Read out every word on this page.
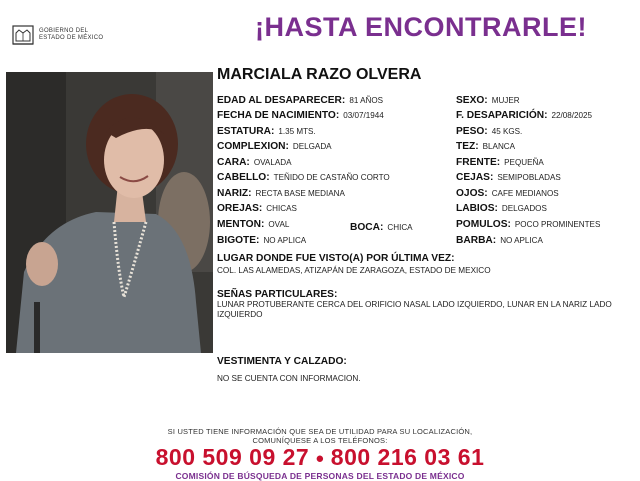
GOBIERNO DEL
ESTADO DE MÉXICO	¡HASTA ENCONTRARLE!
MARCIALA RAZO OLVERA
EDAD AL DESAPARECER: 81 AÑOS
FECHA DE NACIMIENTO: 03/07/1944
ESTATURA: 1.35 MTS.
COMPLEXION: DELGADA
CARA: OVALADA
CABELLO: TEÑIDO DE CASTAÑO CORTO
NARIZ: RECTA BASE MEDIANA
OREJAS: CHICAS
MENTON: OVAL	BOCA: CHICA
BIGOTE: NO APLICA
SEXO: MUJER
F. DESAPARICIÓN: 22/08/2025
PESO: 45 KGS.
TEZ: BLANCA
FRENTE: PEQUEÑA
CEJAS: SEMIPOBLADAS
OJOS: CAFE MEDIANOS
LABIOS: DELGADOS
POMULOS: POCO PROMINENTES
BARBA: NO APLICA
LUGAR DONDE FUE VISTO(A) POR ÚLTIMA VEZ:
COL. LAS ALAMEDAS, ATIZAPÁN DE ZARAGOZA, ESTADO DE MEXICO
SEÑAS PARTICULARES:
LUNAR PROTUBERANTE CERCA DEL ORIFICIO NASAL LADO IZQUIERDO, LUNAR EN LA NARIZ LADO IZQUIERDO
VESTIMENTA Y CALZADO:
NO SE CUENTA CON INFORMACION.
SI USTED TIENE INFORMACIÓN QUE SEA DE UTILIDAD PARA SU LOCALIZACIÓN,
COMUNÍQUESE A LOS TELÉFONOS:
800 509 09 27 ● 800 216 03 61
COMISIÓN DE BÚSQUEDA DE PERSONAS DEL ESTADO DE MÉXICO
